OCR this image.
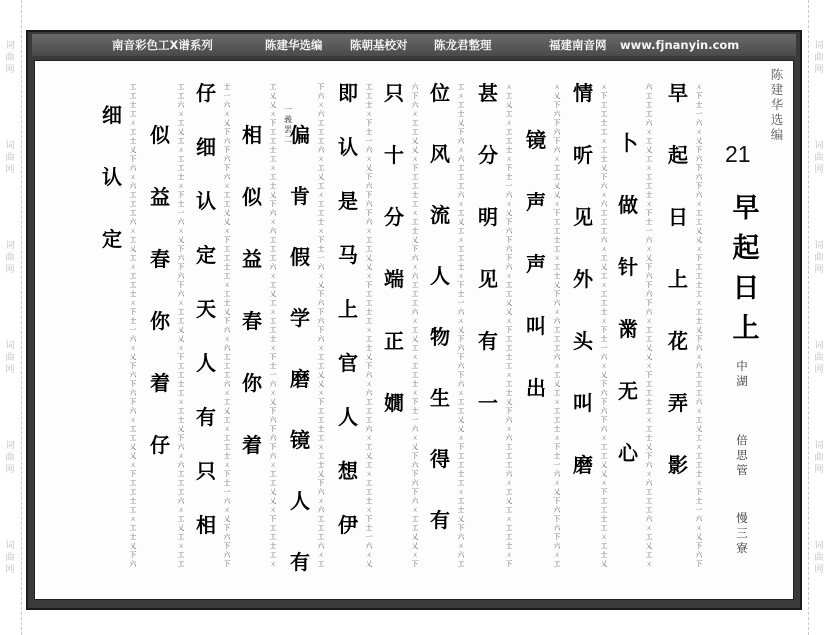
词曲网
词曲网
词曲网
词曲网
词曲网
词曲网
词曲网
词曲网
词曲网
词曲网
词曲网
词曲网
南音彩色工X谱系列	陈建华选编 陈朝基校对 陈龙君整理	福建南音网 www.fjnanyin.com
陈建华选编
21
早起日上
中湖
倍思管
慢三寮
一義罢二
早
起
日
上
花
弄
影
ㄨ 下 士 一 六 ㄨ 乂 下 六 下 六 下 六 ㄨ 工 工 乂 乂 ㄨ 下 工 工 士 工 ㄨ 工 士 乂 下 六 ㄨ 六 工 工 工 六 ㄨ 工 乂 工 ㄨ 工 工 士 ㄨ 下 士 一 六 ㄨ 乂 下 六 下
卜
做
针
黹
无
心
六 工 工 工 六 ㄨ 工 乂 工 ㄨ 工 工 士 ㄨ 下 士 一 六 ㄨ 乂 下 六 下 六 下 六 ㄨ 工 工 乂 乂 ㄨ 下 工 工 士 工 ㄨ 工 士 乂 下 六 ㄨ 六 工 工 工 六 ㄨ 工 乂 工 ㄨ
情
听
见
外
头
叫
磨
ㄨ 下 工 工 士 工 ㄨ 工 士 乂 下 六 ㄨ 六 工 工 工 六 ㄨ 工 乂 工 ㄨ 工 工 士 ㄨ 下 士 一 六 ㄨ 乂 下 六 下 六 下 六 ㄨ 工 工 乂 乂 ㄨ 下 工 工 士 工 ㄨ 工 士 乂
镜
声
声
叫
出
ㄨ 乂 下 六 下 六 下 六 ㄨ 工 工 乂 乂 ㄨ 下 工 工 士 工 ㄨ 工 士 乂 下 六 ㄨ 六 工 工 工 六 ㄨ 工 乂 工 ㄨ 工 工 士 ㄨ 下 士 一 六 ㄨ 乂 下 六 下 六 下 六 ㄨ 工
甚
分
明
见
有
一
ㄨ 工 乂 工 ㄨ 工 工 士 ㄨ 下 士 一 六 ㄨ 乂 下 六 下 六 下 六 ㄨ 工 工 乂 乂 ㄨ 下 工 工 士 工 ㄨ 工 士 乂 下 六 ㄨ 六 工 工 工 六 ㄨ 工 乂 工 ㄨ 工 工 士 ㄨ 下
位
风
流
人
物
生
得
有
工 ㄨ 工 士 乂 下 六 ㄨ 六 工 工 工 六 ㄨ 工 乂 工 ㄨ 工 工 士 ㄨ 下 士 一 六 ㄨ 乂 下 六 下 六 下 六 ㄨ 工 工 乂 乂 ㄨ 下 工 工 士 工 ㄨ 工 士 乂 下 六 ㄨ 六 工
只
十
分
端
正
嫺
六 下 六 ㄨ 工 工 乂 乂 ㄨ 下 工 工 士 工 ㄨ 工 士 乂 下 六 ㄨ 六 工 工 工 六 ㄨ 工 乂 工 ㄨ 工 工 士 ㄨ 下 士 一 六 ㄨ 乂 下 六 下 六 下 六 ㄨ 工 工 乂 乂 ㄨ 下
即
认
是
马
上
官
人
想
伊
工 工 士 ㄨ 下 士 一 六 ㄨ 乂 下 六 下 六 下 六 ㄨ 工 工 乂 乂 ㄨ 下 工 工 士 工 ㄨ 工 士 乂 下 六 ㄨ 六 工 工 工 六 ㄨ 工 乂 工 ㄨ 工 工 士 ㄨ 下 士 一 六 ㄨ 乂
偏
肯
假
学
磨
镜
人
有
下 六 ㄨ 六 工 工 工 六 ㄨ 工 乂 工 ㄨ 工 工 士 ㄨ 下 士 一 六 ㄨ 乂 下 六 下 六 下 六 ㄨ 工 工 乂 乂 ㄨ 下 工 工 士 工 ㄨ 工 士 乂 下 六 ㄨ 六 工 工 工 六 ㄨ 工
相
似
益
春
你
着
工 乂 乂 ㄨ 下 工 工 士 工 ㄨ 工 士 乂 下 六 ㄨ 六 工 工 工 六 ㄨ 工 乂 工 ㄨ 工 工 士 ㄨ 下 士 一 六 ㄨ 乂 下 六 下 六 下 六 ㄨ 工 工 乂 乂 ㄨ 下 工 工 士 工 ㄨ
仔
细
认
定
天
人
有
只
相
士 一 六 ㄨ 乂 下 六 下 六 下 六 ㄨ 工 工 乂 乂 ㄨ 下 工 工 士 工 ㄨ 工 士 乂 下 六 ㄨ 六 工 工 工 六 ㄨ 工 乂 工 ㄨ 工 工 士 ㄨ 下 士 一 六 ㄨ 乂 下 六 下 六 下
似
益
春
你
着
仔
工 工 六 ㄨ 工 乂 工 ㄨ 工 工 士 ㄨ 下 士 一 六 ㄨ 乂 下 六 下 六 下 六 ㄨ 工 工 乂 乂 ㄨ 下 工 工 士 工 ㄨ 工 士 乂 下 六 ㄨ 六 工 工 工 六 ㄨ 工 乂 工 ㄨ 工 工
细
认
定
工 工 士 工 ㄨ 工 士 乂 下 六 ㄨ 六 工 工 工 六 ㄨ 工 乂 工 ㄨ 工 工 士 ㄨ 下 士 一 六 ㄨ 乂 下 六 下 六 下 六 ㄨ 工 工 乂 乂 ㄨ 下 工 工 士 工 ㄨ 工 士 乂 下 六
